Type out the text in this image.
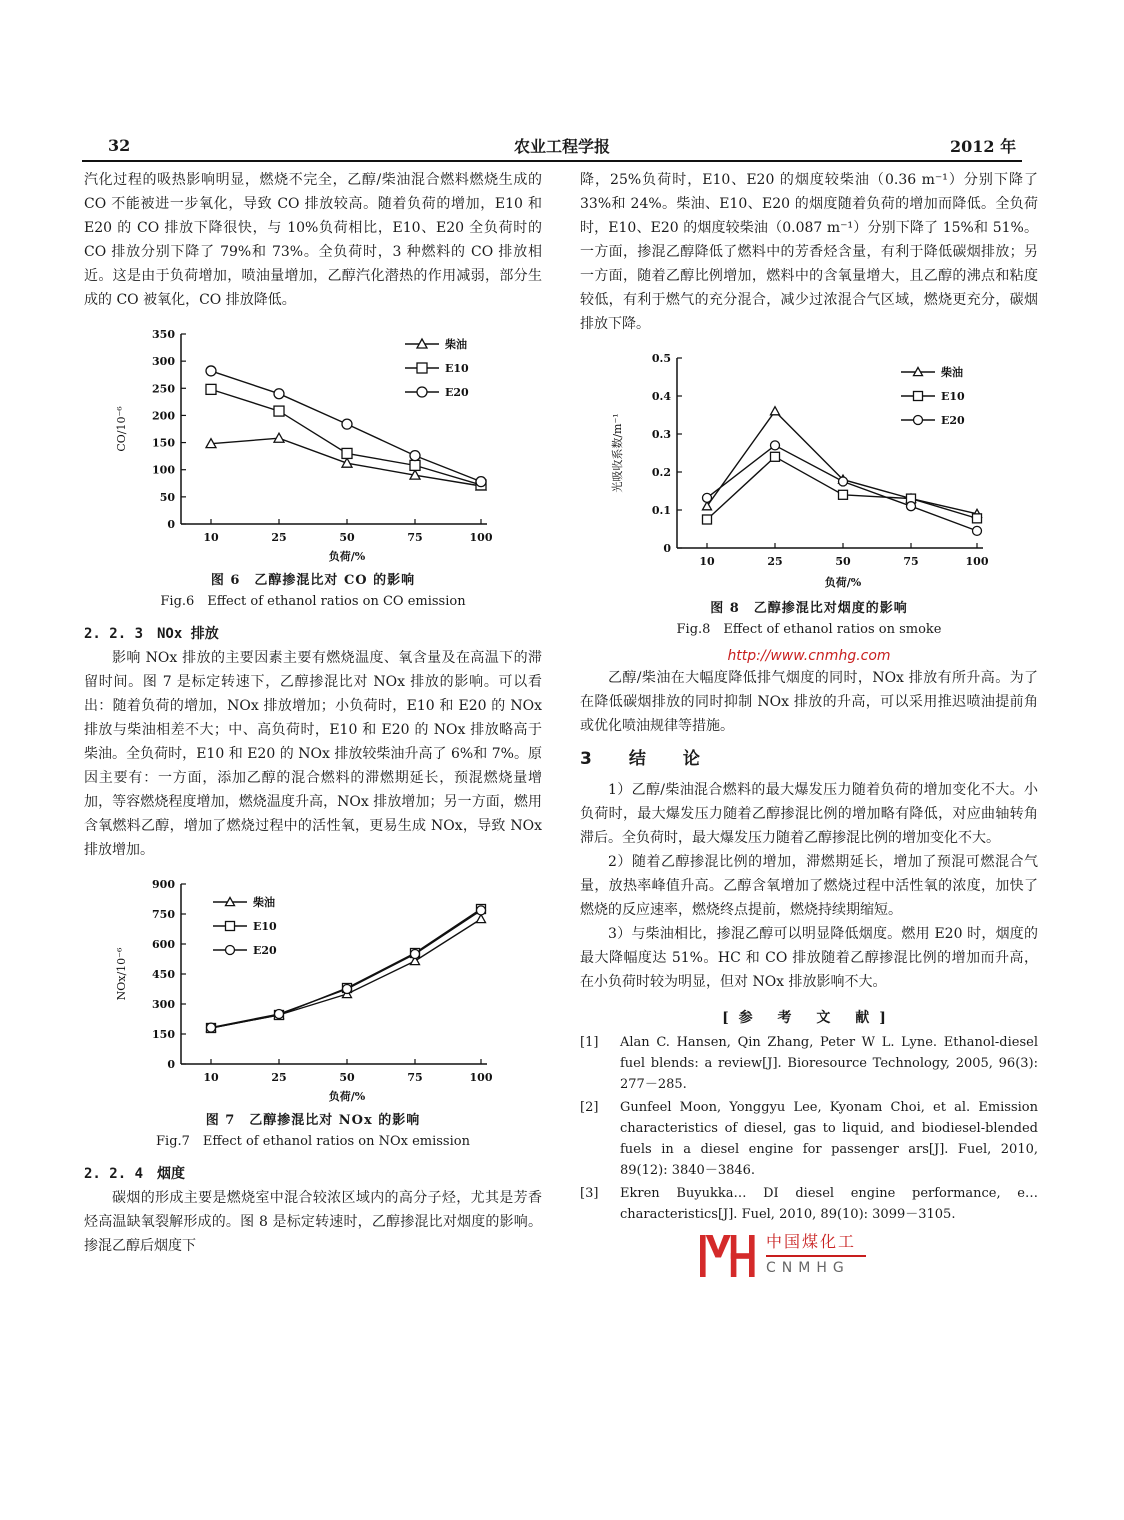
32	农业工程学报	2012 年

汽化过程的吸热影响明显，燃烧不完全，乙醇/柴油混合燃料燃烧生成的 CO 不能被进一步氧化，导致 CO 排放较高。随着负荷的增加，E10 和 E20 的 CO 排放下降很快，与 10%负荷相比，E10、E20 全负荷时的 CO 排放分别下降了 79%和 73%。全负荷时，3 种燃料的 CO 排放相近。这是由于负荷增加，喷油量增加，乙醇汽化潜热的作用减弱，部分生成的 CO 被氧化，CO 排放降低。

0
50
100
150
200
250
300
350
10	25	50	75	100
负荷/%
CO/10⁻⁶
柴油
E10
E20
图 6　乙醇掺混比对 CO 的影响
Fig.6　Effect of ethanol ratios on CO emission
2. 2. 3　NOx 排放

影响 NOx 排放的主要因素主要有燃烧温度、氧含量及在高温下的滞留时间。图 7 是标定转速下，乙醇掺混比对 NOx 排放的影响。可以看出：随着负荷的增加，NOx 排放增加；小负荷时，E10 和 E20 的 NOx 排放与柴油相差不大；中、高负荷时，E10 和 E20 的 NOx 排放略高于柴油。全负荷时，E10 和 E20 的 NOx 排放较柴油升高了 6%和 7%。原因主要有：一方面，添加乙醇的混合燃料的滞燃期延长，预混燃烧量增加，等容燃烧程度增加，燃烧温度升高，NOx 排放增加；另一方面，燃用含氧燃料乙醇，增加了燃烧过程中的活性氧，更易生成 NOx，导致 NOx 排放增加。

0
150
300
450
600
750
900
10	25	50	75	100
负荷/%
NOx/10⁻⁶
柴油
E10
E20
图 7　乙醇掺混比对 NOx 的影响
Fig.7　Effect of ethanol ratios on NOx emission
2. 2. 4　烟度

碳烟的形成主要是燃烧室中混合较浓区域内的高分子烃，尤其是芳香烃高温缺氧裂解形成的。图 8 是标定转速时，乙醇掺混比对烟度的影响。掺混乙醇后烟度下

降，25%负荷时，E10、E20 的烟度较柴油（0.36 m⁻¹）分别下降了 33%和 24%。柴油、E10、E20 的烟度随着负荷的增加而降低。全负荷时，E10、E20 的烟度较柴油（0.087 m⁻¹）分别下降了 15%和 51%。一方面，掺混乙醇降低了燃料中的芳香烃含量，有利于降低碳烟排放；另一方面，随着乙醇比例增加，燃料中的含氧量增大，且乙醇的沸点和粘度较低，有利于燃气的充分混合，减少过浓混合气区域，燃烧更充分，碳烟排放下降。

0
0.1
0.2
0.3
0.4
0.5
10	25	50	75	100
负荷/%
光吸收系数/m⁻¹
柴油
E10
E20
图 8　乙醇掺混比对烟度的影响
Fig.8　Effect of ethanol ratios on smoke
http://www.cnmhg.com

乙醇/柴油在大幅度降低排气烟度的同时，NOx 排放有所升高。为了在降低碳烟排放的同时抑制 NOx 排放的升高，可以采用推迟喷油提前角或优化喷油规律等措施。

3　结　论

1）乙醇/柴油混合燃料的最大爆发压力随着负荷的增加变化不大。小负荷时，最大爆发压力随着乙醇掺混比例的增加略有降低，对应曲轴转角滞后。全负荷时，最大爆发压力随着乙醇掺混比例的增加变化不大。

2）随着乙醇掺混比例的增加，滞燃期延长，增加了预混可燃混合气量，放热率峰值升高。乙醇含氧增加了燃烧过程中活性氧的浓度，加快了燃烧的反应速率，燃烧终点提前，燃烧持续期缩短。

3）与柴油相比，掺混乙醇可以明显降低烟度。燃用 E20 时，烟度的最大降幅度达 51%。HC 和 CO 排放随着乙醇掺混比例的增加而升高，在小负荷时较为明显，但对 NOx 排放影响不大。

[参 考 文 献]
[1]	Alan C. Hansen, Qin Zhang, Peter W L. Lyne. Ethanol-diesel fuel blends: a review[J]. Bioresource Technology, 2005, 96(3): 277－285.
[2]	Gunfeel Moon, Yonggyu Lee, Kyonam Choi, et al. Emission characteristics of diesel, gas to liquid, and biodiesel-blended fuels in a diesel engine for passenger ars[J]. Fuel, 2010, 89(12): 3840－3846.
[3]	Ekren Buyukka… DI diesel engine performance, e… characteristics[J]. Fuel, 2010, 89(10): 3099－3105.
中国煤化工
CNMHG
